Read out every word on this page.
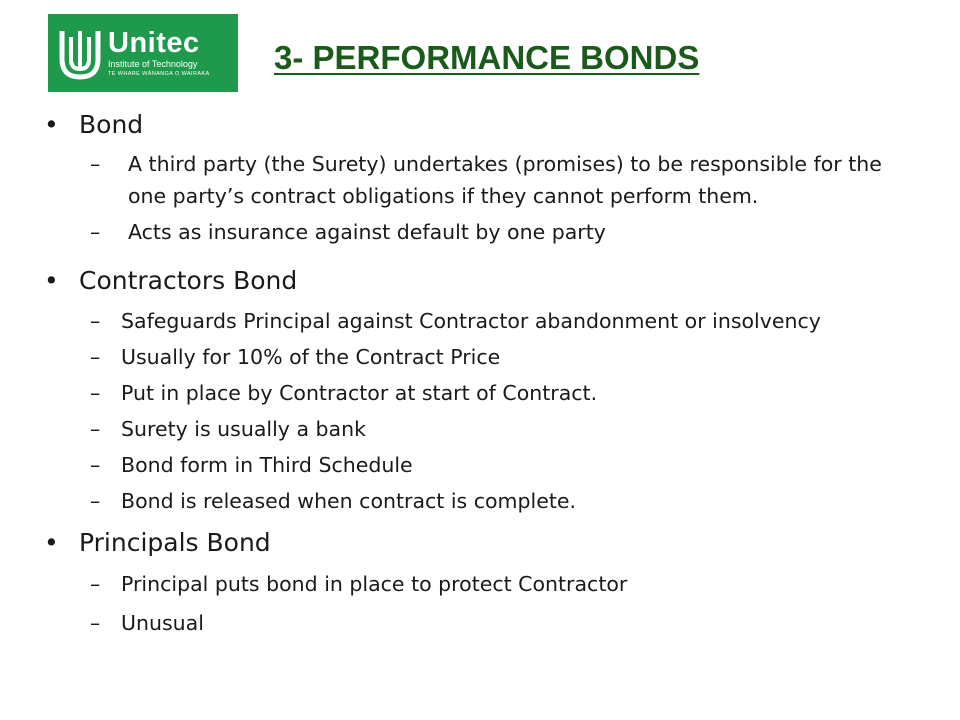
Unitec
Institute of Technology
TE WHARE WĀNANGA O WAIRAKA 3- PERFORMANCE BONDS
• Bond
– A third party (the Surety) undertakes (promises) to be responsible for the
one party’s contract obligations if they cannot perform them.
– Acts as insurance against default by one party
• Contractors Bond
– Safeguards Principal against Contractor abandonment or insolvency
– Usually for 10% of the Contract Price
– Put in place by Contractor at start of Contract.
– Surety is usually a bank
– Bond form in Third Schedule
– Bond is released when contract is complete.
• Principals Bond
– Principal puts bond in place to protect Contractor
– Unusual
